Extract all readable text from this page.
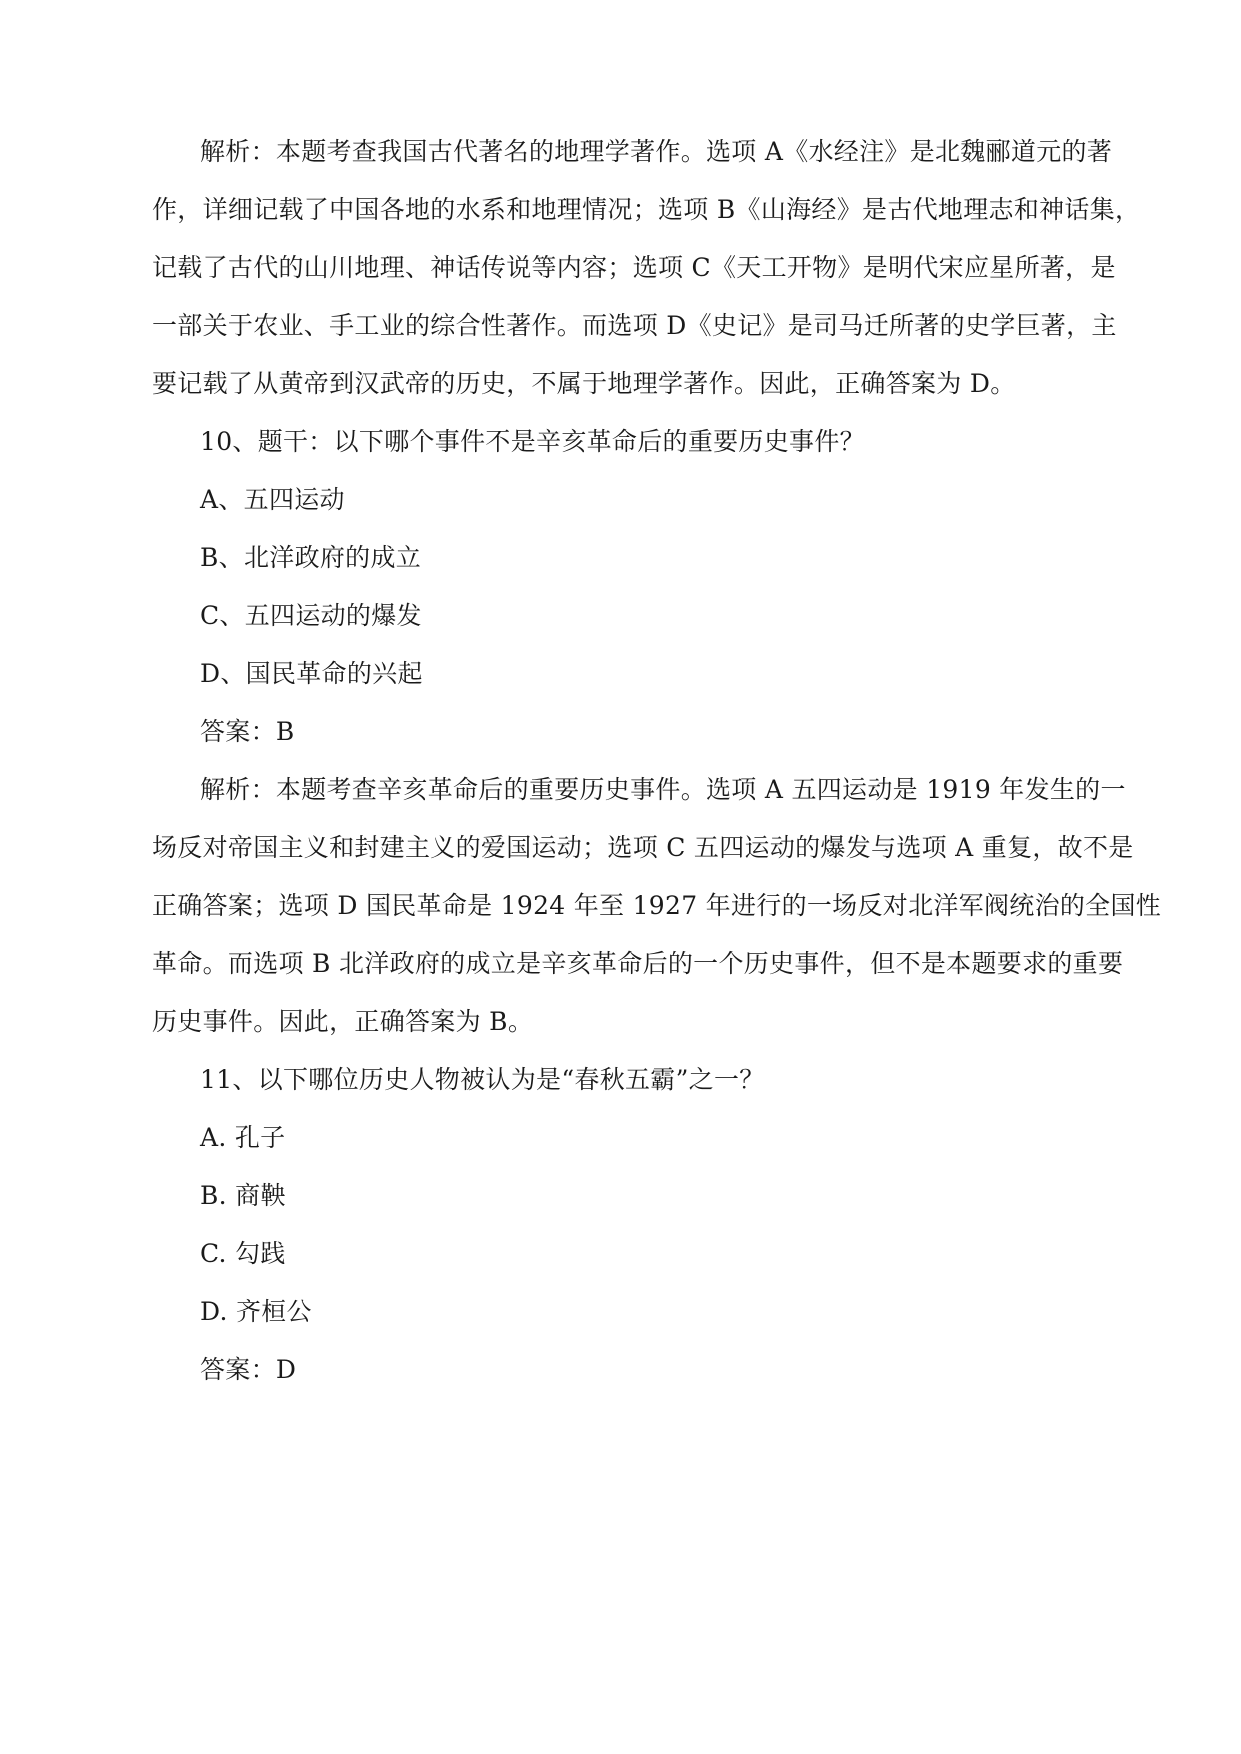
解析：本题考查我国古代著名的地理学著作。选项 A《水经注》是北魏郦道元的著
作，详细记载了中国各地的水系和地理情况；选项 B《山海经》是古代地理志和神话集，
记载了古代的山川地理、神话传说等内容；选项 C《天工开物》是明代宋应星所著，是
一部关于农业、手工业的综合性著作。而选项 D《史记》是司马迁所著的史学巨著，主
要记载了从黄帝到汉武帝的历史，不属于地理学著作。因此，正确答案为 D。
10、题干：以下哪个事件不是辛亥革命后的重要历史事件？
A、五四运动
B、北洋政府的成立
C、五四运动的爆发
D、国民革命的兴起
答案：B
解析：本题考查辛亥革命后的重要历史事件。选项 A 五四运动是 1919 年发生的一
场反对帝国主义和封建主义的爱国运动；选项 C 五四运动的爆发与选项 A 重复，故不是
正确答案；选项 D 国民革命是 1924 年至 1927 年进行的一场反对北洋军阀统治的全国性
革命。而选项 B 北洋政府的成立是辛亥革命后的一个历史事件，但不是本题要求的重要
历史事件。因此，正确答案为 B。
11、以下哪位历史人物被认为是“春秋五霸”之一？
A. 孔子
B. 商鞅
C. 勾践
D. 齐桓公
答案：D
